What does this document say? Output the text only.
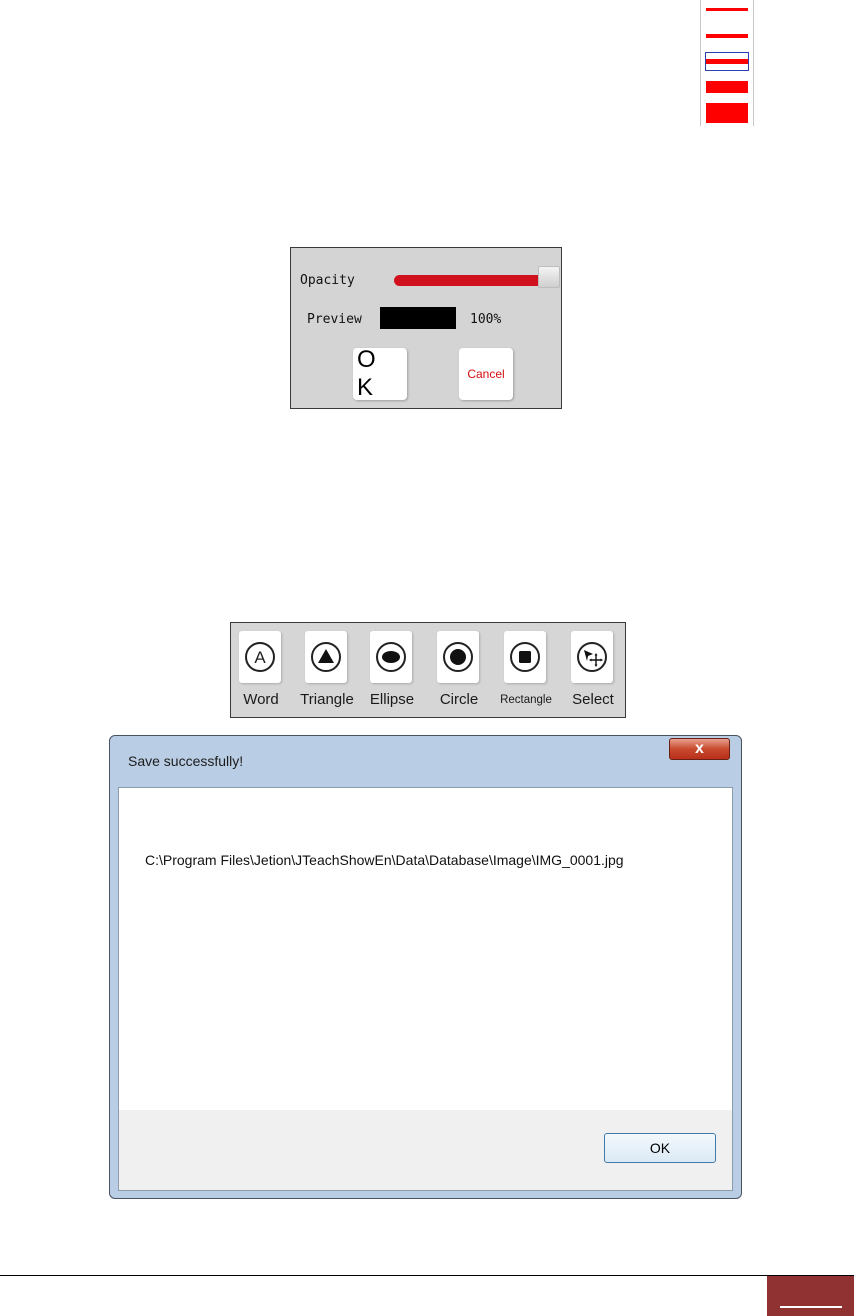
Opacity
Preview	100%
O K	Cancel
A
Word	Triangle	Ellipse	Circle	Rectangle	Select
Save successfully!
x
C:\Program Files\Jetion\JTeachShowEn\Data\Database\Image\IMG_0001.jpg
OK
